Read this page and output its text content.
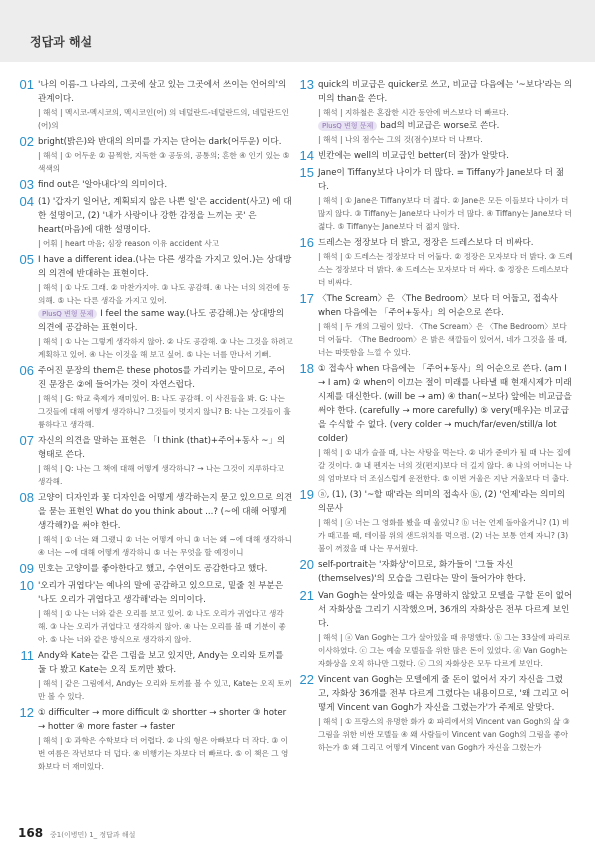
정답과 해설
01 '나의 이름-그 나라의, 그곳에 살고 있는 그곳에서 쓰이는 언어의'의 관계이다.

| 해석 | 멕시코-멕시코의, 멕시코인(어) 의 네덜란드-네덜란드의, 네덜란드인(어)의

02 bright(밝은)와 반대의 의미를 가지는 단어는 dark(어두운) 이다.

| 해석 | ① 어두운 ② 끔찍한, 지독한 ③ 공동의, 공통의; 흔한 ④ 인기 있는 ⑤ 색색의

03 find out은 '알아내다'의 의미이다.

04 (1) '갑자기 일어난, 계획되지 않은 나쁜 일'은 accident(사고) 에 대한 설명이고, (2) '내가 사랑이나 강한 감정을 느끼는 곳' 은 heart(마음)에 대한 설명이다.

| 어휘 | heart 마음; 심장 reason 이유 accident 사고

05 I have a different idea.(나는 다른 생각을 가지고 있어.)는 상대방의 의견에 반대하는 표현이다.

| 해석 | ① 나도 그래. ② 마찬가지야. ③ 나도 공감해. ④ 나는 너의 의견에 동의해. ⑤ 나는 다른 생각을 가지고 있어.

PlusQ 변형 문제 I feel the same way.(나도 공감해.)는 상대방의 의견에 공감하는 표현이다.

| 해석 | ① 나는 그렇게 생각하지 않아. ② 나도 공감해. ③ 나는 그것을 하려고 계획하고 있어. ④ 나는 이것을 해 보고 싶어. ⑤ 나는 너를 만나서 기뻐.

06 주어진 문장의 them은 these photos를 가리키는 말이므로, 주어진 문장은 ②에 들어가는 것이 자연스럽다.

| 해석 | G: 학교 축제가 재미있어. B: 나도 공감해. 이 사진들을 봐. G: 나는 그것들에 대해 어떻게 생각하니? 그것들이 멋지지 않니? B: 나는 그것들이 훌륭하다고 생각해.

07 자신의 의견을 말하는 표현은 「I think (that)+주어+동사 ~」의 형태로 쓴다.

| 해석 | Q: 나는 그 책에 대해 어떻게 생각하니? → 나는 그것이 지루하다고 생각해.

08 고양이 디자인과 꽃 디자인을 어떻게 생각하는지 묻고 있으므로 의견을 묻는 표현인 What do you think about ...? (~에 대해 어떻게 생각해?)을 써야 한다.

| 해석 | ① 너는 왜 그랬니 ② 너는 어떻게 아니 ③ 너는 왜 ~에 대해 생각하니 ④ 너는 ~에 대해 어떻게 생각하니 ⑤ 너는 무엇을 할 예정이니

09 민호는 고양이를 좋아한다고 했고, 수연이도 공감한다고 했다.

10 '오리가 귀엽다'는 예나의 말에 공감하고 있으므로, 밑줄 친 부분은 '나도 오리가 귀엽다고 생각해'라는 의미이다.

| 해석 | ① 나는 너와 같은 오리를 보고 있어. ② 나도 오리가 귀엽다고 생각해. ③ 나는 오리가 귀엽다고 생각하지 않아. ④ 나는 오리를 볼 때 기분이 좋아. ⑤ 나는 너와 같은 방식으로 생각하지 않아.

11 Andy와 Kate는 같은 그림을 보고 있지만, Andy는 오리와 토끼를 둘 다 봤고 Kate는 오직 토끼만 봤다.

| 해석 | 같은 그림에서, Andy는 오리와 토끼를 볼 수 있고, Kate는 오직 토끼만 볼 수 있다.

12 ① difficulter → more difficult ② shortter → shorter ③ hoter → hotter ④ more faster → faster

| 해석 | ① 과학은 수학보다 더 어렵다. ② 나의 형은 아빠보다 더 작다. ③ 이번 여름은 작년보다 더 덥다. ④ 비행기는 차보다 더 빠르다. ⑤ 이 책은 그 영화보다 더 재미있다.

13 quick의 비교급은 quicker로 쓰고, 비교급 다음에는 '~보다'라는 의미의 than을 쓴다.

| 해석 | 지하철은 혼잡한 시간 동안에 버스보다 더 빠르다.

PlusQ 변형 문제 bad의 비교급은 worse로 쓴다.

| 해석 | 나의 점수는 그의 것(점수)보다 더 나쁘다.

14 빈칸에는 well의 비교급인 better(더 잘)가 알맞다.

15 Jane이 Tiffany보다 나이가 더 많다. = Tiffany가 Jane보다 더 젊다.

| 해석 | ① Jane은 Tiffany보다 더 젊다. ② Jane은 모든 이들보다 나이가 더 많지 않다. ③ Tiffany는 Jane보다 나이가 더 많다. ④ Tiffany는 Jane보다 더 젊다. ⑤ Tiffany는 Jane보다 더 젊지 않다.

16 드레스는 정장보다 더 밝고, 정장은 드레스보다 더 비싸다.

| 해석 | ① 드레스는 정장보다 더 어둡다. ② 정장은 모자보다 더 밝다. ③ 드레스는 정장보다 더 밝다. ④ 드레스는 모자보다 더 싸다. ⑤ 정장은 드레스보다 더 비싸다.

17 〈The Scream〉은 〈The Bedroom〉보다 더 어둡고, 접속사 when 다음에는 「주어+동사」의 어순으로 쓴다.

| 해석 | 두 개의 그림이 있다. 〈The Scream〉은 〈The Bedroom〉보다 더 어둡다. 〈The Bedroom〉은 밝은 색깔들이 있어서, 네가 그것을 볼 때, 너는 따뜻함을 느낄 수 있다.

18 ① 접속사 when 다음에는 「주어+동사」의 어순으로 쓴다. (am I → I am) ② when이 이끄는 절이 미래를 나타낼 때 현재시제가 미래시제를 대신한다. (will be → am) ④ than(~보다) 앞에는 비교급을 써야 한다. (carefully → more carefully) ⑤ very(매우)는 비교급을 수식할 수 없다. (very colder → much/far/even/still/a lot colder)

| 해석 | ① 내가 슬플 때, 나는 사탕을 먹는다. ② 내가 준비가 될 때 나는 집에 갈 것이다. ③ 내 펜지는 너의 것(편지)보다 더 길지 않다. ④ 나의 어머니는 나의 엄마보다 더 조심스럽게 운전한다. ⑤ 이번 겨울은 지난 겨울보다 더 춥다.

19 ⓐ, (1), (3) '~할 때'라는 의미의 접속사 ⓑ, (2) '언제'라는 의미의 의문사

| 해석 | ⓐ 너는 그 영화를 봤을 때 울었니? ⓑ 너는 언제 돌아올거니? (1) 비가 때고를 때, 테이블 위의 샌드위치를 먹으렴. (2) 너는 보통 언제 자니? (3) 불이 꺼졌을 때 나는 무서웠다.

20 self-portrait는 '자화상'이므로, 화가들이 '그들 자신 (themselves)'의 모습을 그린다는 말이 들어가야 한다.

21 Van Gogh는 살아있을 때는 유명하지 않았고 모델을 구할 돈이 없어서 자화상을 그리기 시작했으며, 36개의 자화상은 전부 다르게 보인다.

| 해석 | ⓐ Van Gogh는 그가 살아있을 때 유명했다. ⓑ 그는 33살에 파리로 이사하였다. ⓒ 그는 예술 모델들을 위한 많은 돈이 있었다. ⓓ Van Gogh는 자화상을 오직 하나만 그렸다. ⓔ 그의 자화상은 모두 다르게 보인다.

22 Vincent van Gogh는 모델에게 줄 돈이 없어서 자기 자신을 그렸고, 자화상 36개를 전부 다르게 그렸다는 내용이므로, '왜 그리고 어떻게 Vincent van Gogh가 자신을 그렸는가'가 주제로 알맞다.

| 해석 | ① 프랑스의 유명한 화가 ② 파리에서의 Vincent van Gogh의 삶 ③ 그림을 위한 비싼 모델들 ④ 왜 사람들이 Vincent van Gogh의 그림을 좋아하는가 ⑤ 왜 그리고 어떻게 Vincent van Gogh가 자신을 그렸는가

168 중1(이병민) 1_ 정답과 해설
